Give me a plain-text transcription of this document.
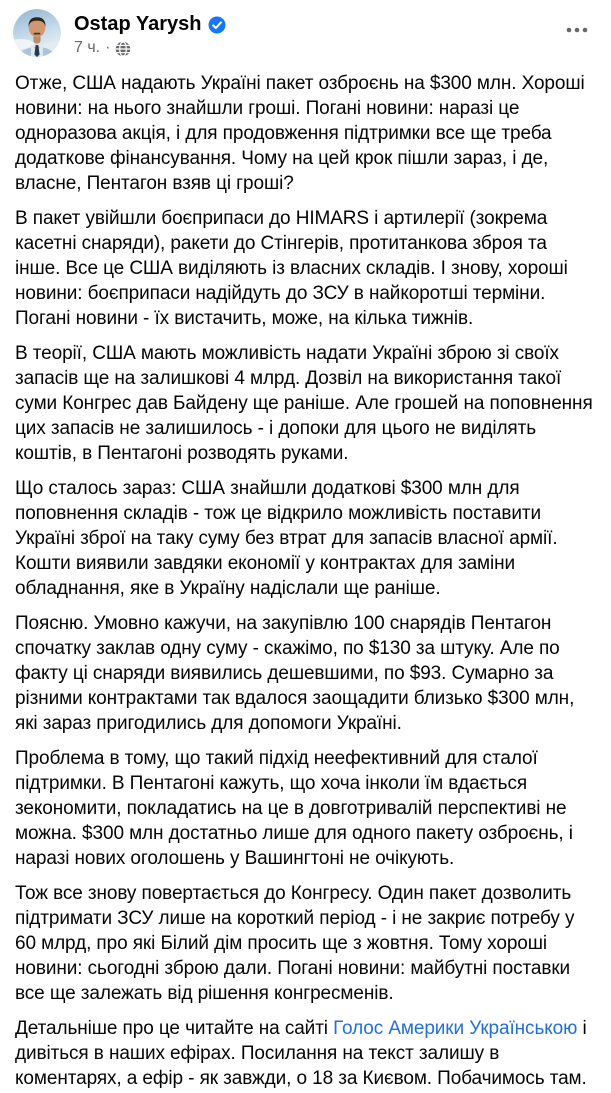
Ostap Yarysh
7 ч. ·

Отже, США надають Україні пакет озброєнь на $300 млн. Хороші новини: на нього знайшли гроші. Погані новини: наразі це одноразова акція, і для продовження підтримки все ще треба додаткове фінансування. Чому на цей крок пішли зараз, і де, власне, Пентагон взяв ці гроші?

В пакет увійшли боєприпаси до HIMARS і артилерії (зокрема касетні снаряди), ракети до Стінгерів, протитанкова зброя та інше. Все це США виділяють із власних складів. І знову, хороші новини: боєприпаси надійдуть до ЗСУ в найкоротші терміни. Погані новини - їх вистачить, може, на кілька тижнів.

В теорії, США мають можливість надати Україні зброю зі своїх запасів ще на залишкові 4 млрд. Дозвіл на використання такої суми Конгрес дав Байдену ще раніше. Але грошей на поповнення цих запасів не залишилось - і допоки для цього не виділять коштів, в Пентагоні розводять руками.

Що сталось зараз: США знайшли додаткові $300 млн для поповнення складів - тож це відкрило можливість поставити Україні зброї на таку суму без втрат для запасів власної армії. Кошти виявили завдяки економії у контрактах для заміни обладнання, яке в Україну надіслали ще раніше.

Поясню. Умовно кажучи, на закупівлю 100 снарядів Пентагон спочатку заклав одну суму - скажімо, по $130 за штуку. Але по факту ці снаряди виявились дешевшими, по $93. Сумарно за різними контрактами так вдалося заощадити близько $300 млн, які зараз пригодились для допомоги Україні.

Проблема в тому, що такий підхід неефективний для сталої підтримки. В Пентагоні кажуть, що хоча інколи їм вдається зекономити, покладатись на це в довготривалій перспективі не можна. $300 млн достатньо лише для одного пакету озброєнь, і наразі нових оголошень у Вашингтоні не очікують.

Тож все знову повертається до Конгресу. Один пакет дозволить підтримати ЗСУ лише на короткий період - і не закриє потребу у 60 млрд, про які Білий дім просить ще з жовтня. Тому хороші новини: сьогодні зброю дали. Погані новини: майбутні поставки все ще залежать від рішення конгресменів.

Детальніше про це читайте на сайті Голос Америки Українською і дивіться в наших ефірах. Посилання на текст залишу в коментарях, а ефір - як завжди, о 18 за Києвом. Побачимось там.
